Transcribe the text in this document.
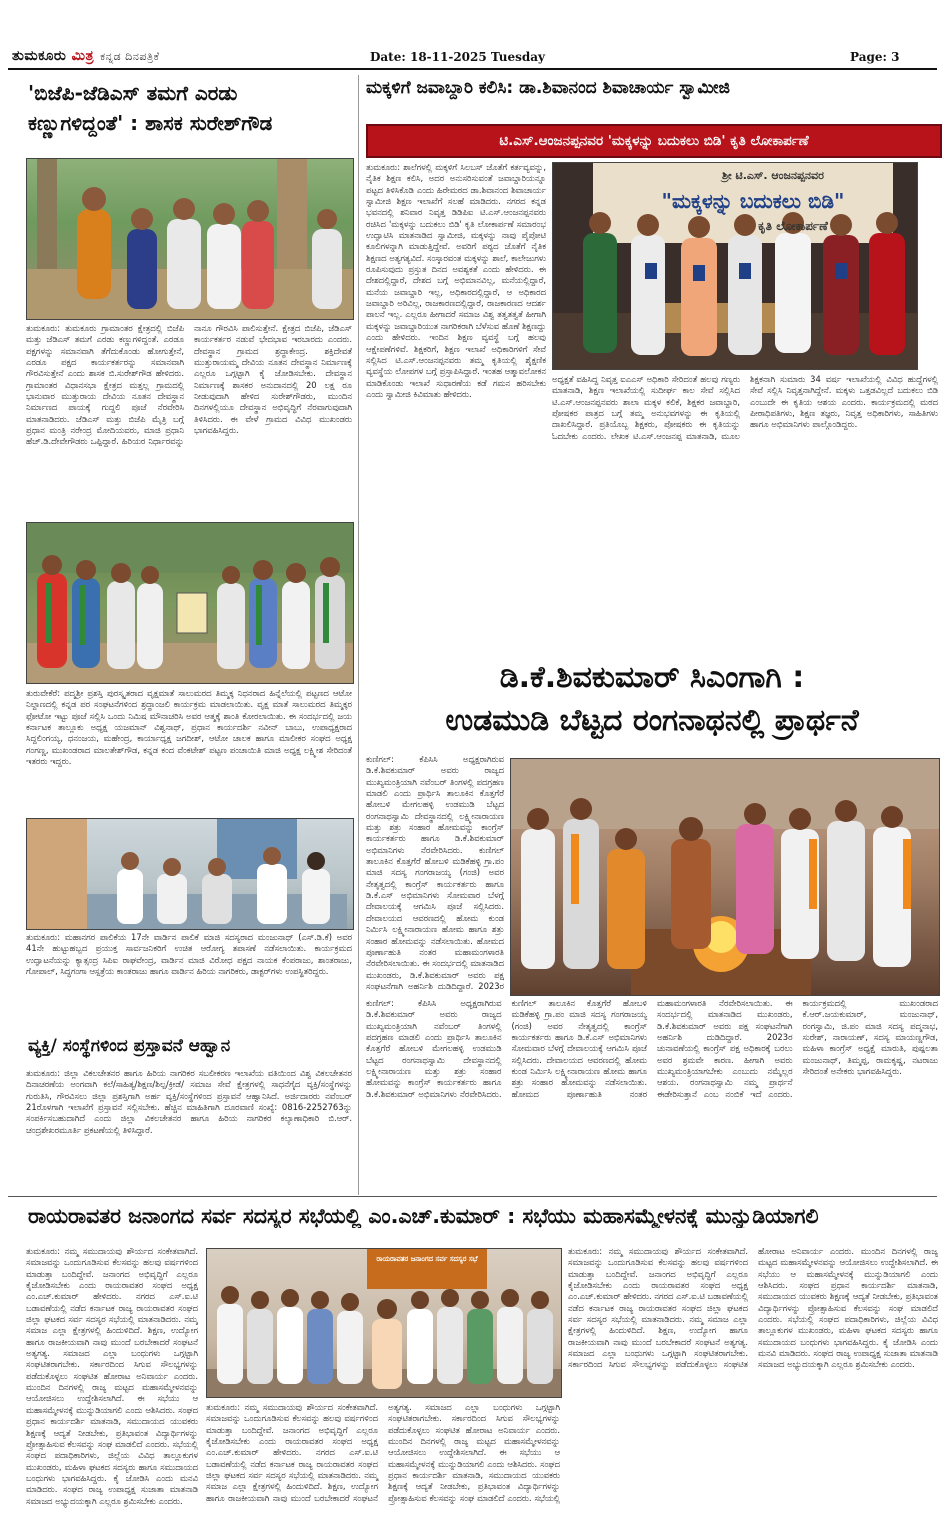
ತುಮಕೂರು ಮಿತ್ರ ಕನ್ನಡ ದಿನಪತ್ರಿಕೆ	Date: 18-11-2025 Tuesday	Page: 3
'ಬಿಜೆಪಿ-ಜೆಡಿಎಸ್ ತಮಗೆ ಎರಡು
ಕಣ್ಣುಗಳಿದ್ದಂತೆ' : ಶಾಸಕ ಸುರೇಶ್‌ಗೌಡ
ತುಮಕೂರು: ತುಮಕೂರು ಗ್ರಾಮಾಂತರ ಕ್ಷೇತ್ರದಲ್ಲಿ ಬಿಜೆಪಿ ಮತ್ತು ಜೆಡಿಎಸ್ ತಮಗೆ ಎರಡು ಕಣ್ಣುಗಳಿದ್ದಂತೆ. ಎರಡೂ ಪಕ್ಷಗಳನ್ನು ಸಮಾನವಾಗಿ ತೆಗೆದುಕೊಂಡು ಹೋಗುತ್ತೇನೆ, ಎರಡೂ ಪಕ್ಷದ ಕಾರ್ಯಕರ್ತರನ್ನು ಸಮಾನವಾಗಿ ಗೌರವಿಸುತ್ತೇನೆ ಎಂದು ಶಾಸಕ ಬಿ.ಸುರೇಶ್‌ಗೌಡ ಹೇಳಿದರು. ಗ್ರಾಮಾಂತರ ವಿಧಾನಸಭಾ ಕ್ಷೇತ್ರದ ಮತ್ತಲ್ಲ ಗ್ರಾಮದಲ್ಲಿ ಭಾನುವಾರ ಮುತ್ತುರಾಯ ದೇವಿಯ ನೂತನ ದೇವಸ್ಥಾನ ನಿರ್ಮಾಣದ ಪಾಯಕ್ಕೆ ಗುದ್ದಲಿ ಪೂಜೆ ನೆರವೇರಿಸಿ ಮಾತನಾಡಿದರು. ಜೆಡಿಎಸ್ ಮತ್ತು ಬಿಜೆಪಿ ಮೈತ್ರಿ ಬಗ್ಗೆ ಪ್ರಧಾನ ಮಂತ್ರಿ ನರೇಂದ್ರ ಮೋದಿಯವರು, ಮಾಜಿ ಪ್ರಧಾನಿ ಹೆಚ್.ಡಿ.ದೇವೇಗೌಡರು ಒಪ್ಪಿದ್ದಾರೆ. ಹಿರಿಯರ ನಿರ್ಧಾರವನ್ನು ನಾನೂ ಗೌರವಿಸಿ ಪಾಲಿಸುತ್ತೇನೆ. ಕ್ಷೇತ್ರದ ಬಿಜೆಪಿ, ಜೆಡಿಎಸ್ ಕಾರ್ಯಕರ್ತರ ನಡುವೆ ಭೇದಭಾವ ಇರಬಾರದು ಎಂದರು. ದೇವಸ್ಥಾನ ಗ್ರಾಮದ ಶ್ರದ್ಧಾಕೇಂದ್ರ. ಶಕ್ತಿದೇವತೆ ಮುತ್ತುರಾಯಮ್ಮ ದೇವಿಯ ನೂತನ ದೇವಸ್ಥಾನ ನಿರ್ಮಾಣಕ್ಕೆ ಎಲ್ಲರೂ ಒಗ್ಗಟ್ಟಾಗಿ ಕೈ ಜೋಡಿಸಬೇಕು. ದೇವಸ್ಥಾನ ನಿರ್ಮಾಣಕ್ಕೆ ಶಾಸಕರ ಅನುದಾನದಲ್ಲಿ 20 ಲಕ್ಷ ರೂ ನೀಡುವುದಾಗಿ ಹೇಳಿದ ಸುರೇಶ್‌ಗೌಡರು, ಮುಂದಿನ ದಿನಗಳಲ್ಲಿಯೂ ದೇವಸ್ಥಾನ ಅಭಿವೃದ್ಧಿಗೆ ನೆರವಾಗುವುದಾಗಿ ತಿಳಿಸಿದರು. ಈ ವೇಳೆ ಗ್ರಾಮದ ವಿವಿಧ ಮುಖಂಡರು ಭಾಗವಹಿಸಿದ್ದರು.
ತುರುವೇಕೆರೆ: ಪದ್ಮಶ್ರೀ ಪ್ರಶಸ್ತಿ ಪುರಸ್ಕೃತರಾದ ವೃಕ್ಷಮಾತೆ ಸಾಲುಮರದ ತಿಮ್ಮಕ್ಕ ನಿಧನರಾದ ಹಿನ್ನೆಲೆಯಲ್ಲಿ ಪಟ್ಟಣದ ಆಟೋ ನಿಲ್ದಾಣದಲ್ಲಿ ಕನ್ನಡ ಪರ ಸಂಘಟನೆಗಳಿಂದ ಶ್ರದ್ಧಾಂಜಲಿ ಕಾರ್ಯಕ್ರಮ ಮಾಡಲಾಯಿತು. ವೃಕ್ಷ ಮಾತೆ ಸಾಲುಮರದ ತಿಮ್ಮಕ್ಕರ ಫೋಟೋ ಇಟ್ಟು ಪೂಜೆ ಸಲ್ಲಿಸಿ ಒಂದು ನಿಮಿಷ ಮೌನಾಚರಿಸಿ ಅವರ ಆತ್ಮಕ್ಕೆ ಶಾಂತಿ ಕೋರಲಾಯಿತು. ಈ ಸಂದರ್ಭದಲ್ಲಿ ಜಯ ಕರ್ನಾಟಕ ತಾಲ್ಲೂಕು ಅಧ್ಯಕ್ಷ ಯಜಮಾನ್ ವಿಶ್ವನಾಥ್, ಪ್ರಧಾನ ಕಾರ್ಯದರ್ಶಿ ನವೀನ್ ಬಾಬು, ಉಪಾಧ್ಯಕ್ಷರಾದ ಸಿದ್ದಲಿಂಗಯ್ಯ, ಧನಂಜಯ, ಮಹೇಂದ್ರ, ಕಾರ್ಯಾಧ್ಯಕ್ಷ ಜಗದೀಶ್, ಆಟೋ ಚಾಲಕ ಹಾಗೂ ಮಾಲೀಕರ ಸಂಘದ ಅಧ್ಯಕ್ಷ ಗಂಗಣ್ಣ, ಮುಖಂಡರಾದ ಮಾಲತೇಶ್‌ಗೌಡ, ಕನ್ನಡ ಕಂದ ವೆಂಕಟೇಶ್ ಪಟ್ಟಣ ಪಂಚಾಯಿತಿ ಮಾಜಿ ಅಧ್ಯಕ್ಷ ಲಕ್ಷ್ಮೀಶ ಸೇರಿದಂತೆ ಇತರರು ಇದ್ದರು.
ತುಮಕೂರು: ಮಹಾನಗರ ಪಾಲಿಕೆಯ 17ನೇ ವಾರ್ಡಿನ ಪಾಲಿಕೆ ಮಾಜಿ ಸದಸ್ಯರಾದ ಮಂಜುನಾಥ್ (ಎಸ್.ಡಿ.ಕೆ) ಅವರ 41ನೇ ಹುಟ್ಟುಹಬ್ಬದ ಪ್ರಯುಕ್ತ ಸಾರ್ವಜನಿಕರಿಗೆ ಉಚಿತ ಆರೋಗ್ಯ ತಪಾಸಣೆ ನಡೆಸಲಾಯಿತು. ಕಾರ್ಯಕ್ರಮದ ಉದ್ಘಾಟನೆಯನ್ನು ಕ್ಯಾತ್ಸಂದ್ರ ಸಿಪಿಐ ರಾಘವೇಂದ್ರ, ವಾರ್ಡಿನ ಮಾಜಿ ವಿರೋಧ ಪಕ್ಷದ ನಾಯಕ ಕೆಂಪರಾಜು, ಶಾಂತರಾಜು, ಗೋಪಾಲ್, ಸಿದ್ಧಗಂಗಾ ಆಸ್ಪತ್ರೆಯ ಕಾಂತರಾಜು ಹಾಗೂ ವಾರ್ಡಿನ ಹಿರಿಯ ನಾಗರಿಕರು, ಡಾಕ್ಟರ್‌ಗಳು ಉಪಸ್ಥಿತರಿದ್ದರು.
ವ್ಯಕ್ತಿ/ ಸಂಸ್ಥೆಗಳಿಂದ ಪ್ರಸ್ತಾವನೆ ಆಹ್ವಾನ
ತುಮಕೂರು: ಜಿಲ್ಲಾ ವಿಕಲಚೇತನರ ಹಾಗೂ ಹಿರಿಯ ನಾಗರಿಕರ ಸಬಲೀಕರಣ ಇಲಾಖೆಯ ವತಿಯಿಂದ ವಿಶ್ವ ವಿಕಲಚೇತನರ ದಿನಾಚರಣೆಯ ಅಂಗವಾಗಿ ಕಲೆ/ಸಾಹಿತ್ಯ/ಶಿಕ್ಷಣ/ಶಿಲ್ಪ/ಕ್ರೀಡೆ/ ಸಮಾಜ ಸೇವೆ ಕ್ಷೇತ್ರಗಳಲ್ಲಿ ಸಾಧನೆಗೈದ ವ್ಯಕ್ತಿ/ಸಂಸ್ಥೆಗಳನ್ನು ಗುರುತಿಸಿ, ಗೌರವಿಸಲು ಜಿಲ್ಲಾ ಪ್ರಶಸ್ತಿಗಾಗಿ ಅರ್ಹ ವ್ಯಕ್ತಿ/ಸಂಸ್ಥೆಗಳಿಂದ ಪ್ರಸ್ತಾವನೆ ಆಹ್ವಾನಿಸಿದೆ. ಅರ್ಜಿದಾರರು ನವೆಂಬರ್ 21ರೊಳಗಾಗಿ ಇಲಾಖೆಗೆ ಪ್ರಸ್ತಾವನೆ ಸಲ್ಲಿಸಬೇಕು. ಹೆಚ್ಚಿನ ಮಾಹಿತಿಗಾಗಿ ದೂರವಾಣಿ ಸಂಖ್ಯೆ: 0816-2252763ನ್ನು ಸಂಪರ್ಕಿಸಬಹುದಾಗಿದೆ ಎಂದು ಜಿಲ್ಲಾ ವಿಕಲಚೇತನರ ಹಾಗೂ ಹಿರಿಯ ನಾಗರಿಕರ ಕಲ್ಯಾಣಾಧಿಕಾರಿ ಬಿ.ಆರ್. ಚಂದ್ರಶೇಖರಮೂರ್ತಿ ಪ್ರಕಟಣೆಯಲ್ಲಿ ತಿಳಿಸಿದ್ದಾರೆ.
ಮಕ್ಕಳಿಗೆ ಜವಾಬ್ದಾರಿ ಕಲಿಸಿ: ಡಾ.ಶಿವಾನಂದ ಶಿವಾಚಾರ್ಯ ಸ್ವಾಮೀಜಿ
ಟಿ.ಎಸ್.ಆಂಜನಪ್ಪನವರ 'ಮಕ್ಕಳನ್ನು ಬದುಕಲು ಬಿಡಿ' ಕೃತಿ ಲೋಕಾರ್ಪಣೆ
ತುಮಕೂರು: ಶಾಲೆಗಳಲ್ಲಿ ಮಕ್ಕಳಿಗೆ ಸಿಲಬಸ್ ಜೊತೆಗೆ ಕರ್ತವ್ಯವನ್ನು, ನೈತಿಕ ಶಿಕ್ಷಣ ಕಲಿಸಿ, ಅದರ ಅನುಸರಿಸುವಂತೆ ಜವಾಬ್ದಾರಿಯನ್ನೂ ಪಟ್ಟದ ತಿಳಿಸಿಕೊಡಿ ಎಂದು ಹಿರೇಮಠದ ಡಾ.ಶಿವಾನಂದ ಶಿವಾಚಾರ್ಯ ಸ್ವಾಮೀಜಿ ಶಿಕ್ಷಣ ಇಲಾಖೆಗೆ ಸಲಹೆ ಮಾಡಿದರು. ನಗರದ ಕನ್ನಡ ಭವನದಲ್ಲಿ ಶನಿವಾರ ನಿವೃತ್ತ ಡಿಡಿಪಿಐ ಟಿ.ಎಸ್.ಆಂಜನಪ್ಪನವರು ರಚಿಸಿದ 'ಮಕ್ಕಳನ್ನು ಬದುಕಲು ಬಿಡಿ' ಕೃತಿ ಲೋಕಾರ್ಪಣೆ ಸಮಾರಂಭ ಉದ್ಘಾಟಿಸಿ ಮಾತನಾಡಿದ ಸ್ವಾಮೀಜಿ, ಮಕ್ಕಳನ್ನು ನಾವು ಪೈಪೋಟಿ ಕೂಲಿಗಳನ್ನಾಗಿ ಮಾಡುತ್ತಿದ್ದೇವೆ. ಅವರಿಗೆ ಪಠ್ಯದ ಜೊತೆಗೆ ನೈತಿಕ ಶಿಕ್ಷಣದ ಅತ್ಯಗತ್ಯವಿದೆ. ಸಂಸ್ಕಾರವಂತ ಮಕ್ಕಳನ್ನು ಶಾಲೆ, ಕಾಲೇಜುಗಳು ರೂಪಿಸುವುದು ಪ್ರಸ್ತುತ ದಿನದ ಅವಶ್ಯಕತೆ ಎಂದು ಹೇಳಿದರು. ಈ ದೇಶದಲ್ಲಿದ್ದಾರೆ, ದೇಶದ ಬಗ್ಗೆ ಅಭಿಮಾನವಿಲ್ಲ, ಮನೆಯಲ್ಲಿದ್ದಾರೆ, ಮನೆಯ ಜವಾಬ್ದಾರಿ ಇಲ್ಲ, ಅಧಿಕಾರದಲ್ಲಿದ್ದಾರೆ, ಆ ಅಧಿಕಾರದ ಜವಾಬ್ದಾರಿ ಅರಿವಿಲ್ಲ, ರಾಜಕಾರಣದಲ್ಲಿದ್ದಾರೆ, ರಾಜಕಾರಣದ ಆದರ್ಶ ಪಾಲನೆ ಇಲ್ಲ. ಎಲ್ಲರೂ ಹೀಗಾದರೆ ಸಮಾಜ ವಿಶ್ವ ತತ್ವತತ್ವತೆ ಹೀಗಾಗಿ ಮಕ್ಕಳನ್ನು ಜವಾಬ್ದಾರಿಯುತ ನಾಗರಿಕರಾಗಿ ಬೆಳೆಸುವ ಹೊಣೆ ಶಿಕ್ಷಣದ್ದು ಎಂದು ಹೇಳಿದರು. ಇಂದಿನ ಶಿಕ್ಷಣ ವ್ಯವಸ್ಥೆ ಬಗ್ಗೆ ಹಲವು ಆಕ್ಷೇಪಣೆಗಳಿವೆ. ಶಿಕ್ಷಕರಿಗೆ, ಶಿಕ್ಷಣ ಇಲಾಖೆ ಅಧಿಕಾರಿಗಳಿಗೆ ಸೇವೆ ಸಲ್ಲಿಸಿದ ಟಿ.ಎಸ್.ಆಂಜನಪ್ಪನವರು ತಮ್ಮ ಕೃತಿಯಲ್ಲಿ ಶೈಕ್ಷಣಿಕ ವ್ಯವಸ್ಥೆಯ ಲೋಪಗಳ ಬಗ್ಗೆ ಪ್ರಸ್ತಾಪಿಸಿದ್ದಾರೆ. ಇಂತಹ ಆತ್ಮಾವಲೋಕನ ಮಾಡಿಕೊಂಡು ಇಲಾಖೆ ಸುಧಾರಣೆಯ ಕಡೆ ಗಮನ ಹರಿಸಬೇಕು ಎಂದು ಸ್ವಾಮೀಜಿ ಕಿವಿಮಾತು ಹೇಳಿದರು.
ಶ್ರೀ ಟಿ.ಎಸ್. ಆಂಜನಪ್ಪನವರ
"ಮಕ್ಕಳನ್ನು ಬದುಕಲು ಬಿಡಿ"
ಕೃತಿ ಲೋಕಾರ್ಪಣೆ
ಅಧ್ಯಕ್ಷತೆ ವಹಿಸಿದ್ದ ನಿವೃತ್ತ ಐಎಎಸ್ ಅಧಿಕಾರಿ ಸೇರಿದಂತೆ ಹಲವು ಗಣ್ಯರು ಮಾತನಾಡಿ, ಶಿಕ್ಷಣ ಇಲಾಖೆಯಲ್ಲಿ ಸುದೀರ್ಘ ಕಾಲ ಸೇವೆ ಸಲ್ಲಿಸಿದ ಟಿ.ಎಸ್.ಆಂಜನಪ್ಪನವರು ಶಾಲಾ ಮಕ್ಕಳ ಕಲಿಕೆ, ಶಿಕ್ಷಕರ ಜವಾಬ್ದಾರಿ, ಪೋಷಕರ ಪಾತ್ರದ ಬಗ್ಗೆ ತಮ್ಮ ಅನುಭವಗಳನ್ನು ಈ ಕೃತಿಯಲ್ಲಿ ದಾಖಲಿಸಿದ್ದಾರೆ. ಪ್ರತಿಯೊಬ್ಬ ಶಿಕ್ಷಕರು, ಪೋಷಕರು ಈ ಕೃತಿಯನ್ನು ಓದಬೇಕು ಎಂದರು. ಲೇಖಕ ಟಿ.ಎಸ್.ಆಂಜನಪ್ಪ ಮಾತನಾಡಿ, ಮೂಲ ಶಿಕ್ಷಕನಾಗಿ ಸುಮಾರು 34 ವರ್ಷ ಇಲಾಖೆಯಲ್ಲಿ ವಿವಿಧ ಹುದ್ದೆಗಳಲ್ಲಿ ಸೇವೆ ಸಲ್ಲಿಸಿ ನಿವೃತ್ತನಾಗಿದ್ದೇನೆ. ಮಕ್ಕಳು ಒತ್ತಡವಿಲ್ಲದೆ ಬದುಕಲು ಬಿಡಿ ಎಂಬುದೇ ಈ ಕೃತಿಯ ಆಶಯ ಎಂದರು. ಕಾರ್ಯಕ್ರಮದಲ್ಲಿ ಮಠದ ಪೀಠಾಧಿಪತಿಗಳು, ಶಿಕ್ಷಣ ತಜ್ಞರು, ನಿವೃತ್ತ ಅಧಿಕಾರಿಗಳು, ಸಾಹಿತಿಗಳು ಹಾಗೂ ಅಭಿಮಾನಿಗಳು ಪಾಲ್ಗೊಂಡಿದ್ದರು.
ಡಿ.ಕೆ.ಶಿವಕುಮಾರ್ ಸಿಎಂಗಾಗಿ :
ಉಡಮುಡಿ ಬೆಟ್ಟದ ರಂಗನಾಥನಲ್ಲಿ ಪ್ರಾರ್ಥನೆ
ಕುಣಿಗಲ್: ಕೆಪಿಸಿಸಿ ಅಧ್ಯಕ್ಷರಾಗಿರುವ ಡಿ.ಕೆ.ಶಿವಕುಮಾರ್ ಅವರು ರಾಜ್ಯದ ಮುಖ್ಯಮಂತ್ರಿಯಾಗಿ ನವೆಂಬರ್ ತಿಂಗಳಲ್ಲಿ ಪದಗ್ರಹಣ ಮಾಡಲಿ ಎಂದು ಪ್ರಾರ್ಥಿಸಿ ತಾಲೂಕಿನ ಕೊತ್ತಗೆರೆ ಹೋಬಳಿ ಮೇಗಲಹಳ್ಳಿ ಉಡಮುಡಿ ಬೆಟ್ಟದ ರಂಗನಾಥಸ್ವಾಮಿ ದೇವಸ್ಥಾನದಲ್ಲಿ ಲಕ್ಷ್ಮೀನಾರಾಯಣ ಮತ್ತು ಶತ್ರು ಸಂಹಾರ ಹೋಮವನ್ನು ಕಾಂಗ್ರೆಸ್ ಕಾರ್ಯಕರ್ತರು ಹಾಗೂ ಡಿ.ಕೆ.ಶಿವಕುಮಾರ್ ಅಭಿಮಾನಿಗಳು ನೆರವೇರಿಸಿದರು. ಕುಣಿಗಲ್ ತಾಲೂಕಿನ ಕೊತ್ತಗೆರೆ ಹೋಬಳಿ ಮಡಿಕೆಹಳ್ಳಿ ಗ್ರಾ.ಪಂ ಮಾಜಿ ಸದಸ್ಯ ಗಂಗರಾಜಯ್ಯ (ಗಂಜಿ) ಅವರ ನೇತೃತ್ವದಲ್ಲಿ ಕಾಂಗ್ರೆಸ್ ಕಾರ್ಯಕರ್ತರು ಹಾಗೂ ಡಿ.ಕೆ.ಎಸ್ ಅಭಿಮಾನಿಗಳು ಸೋಮವಾರ ಬೆಳಗ್ಗೆ ದೇವಾಲಯಕ್ಕೆ ಆಗಮಿಸಿ ಪೂಜೆ ಸಲ್ಲಿಸಿದರು. ದೇವಾಲಯದ ಆವರಣದಲ್ಲಿ ಹೋಮ ಕುಂಡ ನಿರ್ಮಿಸಿ ಲಕ್ಷ್ಮೀನಾರಾಯಣ ಹೋಮ ಹಾಗೂ ಶತ್ರು ಸಂಹಾರ ಹೋಮವನ್ನು ನಡೆಸಲಾಯಿತು. ಹೋಮದ ಪೂರ್ಣಾಹುತಿ ನಂತರ ಮಹಾಮಂಗಳಾರತಿ ನೆರವೇರಿಸಲಾಯಿತು. ಈ ಸಂದರ್ಭದಲ್ಲಿ ಮಾತನಾಡಿದ ಮುಖಂಡರು, ಡಿ.ಕೆ.ಶಿವಕುಮಾರ್ ಅವರು ಪಕ್ಷ ಸಂಘಟನೆಗಾಗಿ ಅಹರ್ನಿಶಿ ದುಡಿದಿದ್ದಾರೆ. 2023ರ
ಕುಣಿಗಲ್: ಕೆಪಿಸಿಸಿ ಅಧ್ಯಕ್ಷರಾಗಿರುವ ಡಿ.ಕೆ.ಶಿವಕುಮಾರ್ ಅವರು ರಾಜ್ಯದ ಮುಖ್ಯಮಂತ್ರಿಯಾಗಿ ನವೆಂಬರ್ ತಿಂಗಳಲ್ಲಿ ಪದಗ್ರಹಣ ಮಾಡಲಿ ಎಂದು ಪ್ರಾರ್ಥಿಸಿ ತಾಲೂಕಿನ ಕೊತ್ತಗೆರೆ ಹೋಬಳಿ ಮೇಗಲಹಳ್ಳಿ ಉಡಮುಡಿ ಬೆಟ್ಟದ ರಂಗನಾಥಸ್ವಾಮಿ ದೇವಸ್ಥಾನದಲ್ಲಿ ಲಕ್ಷ್ಮೀನಾರಾಯಣ ಮತ್ತು ಶತ್ರು ಸಂಹಾರ ಹೋಮವನ್ನು ಕಾಂಗ್ರೆಸ್ ಕಾರ್ಯಕರ್ತರು ಹಾಗೂ ಡಿ.ಕೆ.ಶಿವಕುಮಾರ್ ಅಭಿಮಾನಿಗಳು ನೆರವೇರಿಸಿದರು. ಕುಣಿಗಲ್ ತಾಲೂಕಿನ ಕೊತ್ತಗೆರೆ ಹೋಬಳಿ ಮಡಿಕೆಹಳ್ಳಿ ಗ್ರಾ.ಪಂ ಮಾಜಿ ಸದಸ್ಯ ಗಂಗರಾಜಯ್ಯ (ಗಂಜಿ) ಅವರ ನೇತೃತ್ವದಲ್ಲಿ ಕಾಂಗ್ರೆಸ್ ಕಾರ್ಯಕರ್ತರು ಹಾಗೂ ಡಿ.ಕೆ.ಎಸ್ ಅಭಿಮಾನಿಗಳು ಸೋಮವಾರ ಬೆಳಗ್ಗೆ ದೇವಾಲಯಕ್ಕೆ ಆಗಮಿಸಿ ಪೂಜೆ ಸಲ್ಲಿಸಿದರು. ದೇವಾಲಯದ ಆವರಣದಲ್ಲಿ ಹೋಮ ಕುಂಡ ನಿರ್ಮಿಸಿ ಲಕ್ಷ್ಮೀನಾರಾಯಣ ಹೋಮ ಹಾಗೂ ಶತ್ರು ಸಂಹಾರ ಹೋಮವನ್ನು ನಡೆಸಲಾಯಿತು. ಹೋಮದ ಪೂರ್ಣಾಹುತಿ ನಂತರ ಮಹಾಮಂಗಳಾರತಿ ನೆರವೇರಿಸಲಾಯಿತು. ಈ ಸಂದರ್ಭದಲ್ಲಿ ಮಾತನಾಡಿದ ಮುಖಂಡರು, ಡಿ.ಕೆ.ಶಿವಕುಮಾರ್ ಅವರು ಪಕ್ಷ ಸಂಘಟನೆಗಾಗಿ ಅಹರ್ನಿಶಿ ದುಡಿದಿದ್ದಾರೆ. 2023ರ ಚುನಾವಣೆಯಲ್ಲಿ ಕಾಂಗ್ರೆಸ್ ಪಕ್ಷ ಅಧಿಕಾರಕ್ಕೆ ಬರಲು ಅವರ ಶ್ರಮವೇ ಕಾರಣ. ಹೀಗಾಗಿ ಅವರು ಮುಖ್ಯಮಂತ್ರಿಯಾಗಬೇಕು ಎಂಬುದು ನಮ್ಮೆಲ್ಲರ ಆಶಯ. ರಂಗನಾಥಸ್ವಾಮಿ ನಮ್ಮ ಪ್ರಾರ್ಥನೆ ಈಡೇರಿಸುತ್ತಾನೆ ಎಂಬ ನಂಬಿಕೆ ಇದೆ ಎಂದರು. ಕಾರ್ಯಕ್ರಮದಲ್ಲಿ ಮುಖಂಡರಾದ ಕೆ.ಆರ್.ಜಯಕುಮಾರ್, ಮಂಜುನಾಥ್, ರಂಗಸ್ವಾಮಿ, ಜಿ.ಪಂ ಮಾಜಿ ಸದಸ್ಯ ಪದ್ಮನಾಭ, ಸುರೇಶ್, ನಾರಾಯಣ್, ಸದಸ್ಯ ಮಾಯಣ್ಣಗೌಡ, ಮಹಿಳಾ ಕಾಂಗ್ರೆಸ್ ಅಧ್ಯಕ್ಷೆ ಮಾರುತಿ, ಪುಷ್ಪಲತಾ ಮಂಜುನಾಥ್, ತಿಮ್ಮಪ್ಪ, ರಾಮಕೃಷ್ಣ, ನಟರಾಜು ಸೇರಿದಂತೆ ಅನೇಕರು ಭಾಗವಹಿಸಿದ್ದರು.
ರಾಯರಾವತರ ಜನಾಂಗದ ಸರ್ವ ಸದಸ್ಯರ ಸಭೆಯಲ್ಲಿ ಎಂ.ಎಚ್.ಕುಮಾರ್ : ಸಭೆಯು ಮಹಾಸಮ್ಮೇಳನಕ್ಕೆ ಮುನ್ನುಡಿಯಾಗಲಿ
ತುಮಕೂರು: ನಮ್ಮ ಸಮುದಾಯವು ಶೌರ್ಯದ ಸಂಕೇತವಾಗಿದೆ. ಸಮಾಜವನ್ನು ಒಂದುಗೂಡಿಸುವ ಕೆಲಸವನ್ನು ಹಲವು ವರ್ಷಗಳಿಂದ ಮಾಡುತ್ತಾ ಬಂದಿದ್ದೇವೆ. ಜನಾಂಗದ ಅಭಿವೃದ್ಧಿಗೆ ಎಲ್ಲರೂ ಕೈಜೋಡಿಸಬೇಕು ಎಂದು ರಾಯರಾವತರ ಸಂಘದ ಅಧ್ಯಕ್ಷ ಎಂ.ಎಚ್.ಕುಮಾರ್ ಹೇಳಿದರು. ನಗರದ ಎಸ್.ಐ.ಟಿ ಬಡಾವಣೆಯಲ್ಲಿ ನಡೆದ ಕರ್ನಾಟಕ ರಾಜ್ಯ ರಾಯರಾವತರ ಸಂಘದ ಜಿಲ್ಲಾ ಘಟಕದ ಸರ್ವ ಸದಸ್ಯರ ಸಭೆಯಲ್ಲಿ ಮಾತನಾಡಿದರು. ನಮ್ಮ ಸಮಾಜ ಎಲ್ಲಾ ಕ್ಷೇತ್ರಗಳಲ್ಲಿ ಹಿಂದುಳಿದಿದೆ. ಶಿಕ್ಷಣ, ಉದ್ಯೋಗ ಹಾಗೂ ರಾಜಕೀಯವಾಗಿ ನಾವು ಮುಂದೆ ಬರಬೇಕಾದರೆ ಸಂಘಟನೆ ಅತ್ಯಗತ್ಯ. ಸಮಾಜದ ಎಲ್ಲಾ ಬಂಧುಗಳು ಒಗ್ಗಟ್ಟಾಗಿ ಸಂಘಟಿತರಾಗಬೇಕು. ಸರ್ಕಾರದಿಂದ ಸಿಗುವ ಸೌಲಭ್ಯಗಳನ್ನು ಪಡೆದುಕೊಳ್ಳಲು ಸಂಘಟಿತ ಹೋರಾಟ ಅನಿವಾರ್ಯ ಎಂದರು. ಮುಂದಿನ ದಿನಗಳಲ್ಲಿ ರಾಜ್ಯ ಮಟ್ಟದ ಮಹಾಸಮ್ಮೇಳನವನ್ನು ಆಯೋಜಿಸಲು ಉದ್ದೇಶಿಸಲಾಗಿದೆ. ಈ ಸಭೆಯು ಆ ಮಹಾಸಮ್ಮೇಳನಕ್ಕೆ ಮುನ್ನುಡಿಯಾಗಲಿ ಎಂದು ಆಶಿಸಿದರು. ಸಂಘದ ಪ್ರಧಾನ ಕಾರ್ಯದರ್ಶಿ ಮಾತನಾಡಿ, ಸಮುದಾಯದ ಯುವಕರು ಶಿಕ್ಷಣಕ್ಕೆ ಆದ್ಯತೆ ನೀಡಬೇಕು, ಪ್ರತಿಭಾವಂತ ವಿದ್ಯಾರ್ಥಿಗಳನ್ನು ಪ್ರೋತ್ಸಾಹಿಸುವ ಕೆಲಸವನ್ನು ಸಂಘ ಮಾಡಲಿದೆ ಎಂದರು. ಸಭೆಯಲ್ಲಿ ಸಂಘದ ಪದಾಧಿಕಾರಿಗಳು, ಜಿಲ್ಲೆಯ ವಿವಿಧ ತಾಲ್ಲೂಕುಗಳ ಮುಖಂಡರು, ಮಹಿಳಾ ಘಟಕದ ಸದಸ್ಯರು ಹಾಗೂ ಸಮುದಾಯದ ಬಂಧುಗಳು ಭಾಗವಹಿಸಿದ್ದರು. ಕೈ ಜೋಡಿಸಿ ಎಂದು ಮನವಿ ಮಾಡಿದರು. ಸಂಘದ ರಾಜ್ಯ ಉಪಾಧ್ಯಕ್ಷ ಸುಜಾತಾ ಮಾತನಾಡಿ ಸಮಾಜದ ಅಭ್ಯುದಯಕ್ಕಾಗಿ ಎಲ್ಲರೂ ಶ್ರಮಿಸಬೇಕು ಎಂದರು.
ರಾಯರಾವತರ ಜನಾಂಗದ ಸರ್ವ ಸದಸ್ಯರ ಸಭೆ
ತುಮಕೂರು: ನಮ್ಮ ಸಮುದಾಯವು ಶೌರ್ಯದ ಸಂಕೇತವಾಗಿದೆ. ಸಮಾಜವನ್ನು ಒಂದುಗೂಡಿಸುವ ಕೆಲಸವನ್ನು ಹಲವು ವರ್ಷಗಳಿಂದ ಮಾಡುತ್ತಾ ಬಂದಿದ್ದೇವೆ. ಜನಾಂಗದ ಅಭಿವೃದ್ಧಿಗೆ ಎಲ್ಲರೂ ಕೈಜೋಡಿಸಬೇಕು ಎಂದು ರಾಯರಾವತರ ಸಂಘದ ಅಧ್ಯಕ್ಷ ಎಂ.ಎಚ್.ಕುಮಾರ್ ಹೇಳಿದರು. ನಗರದ ಎಸ್.ಐ.ಟಿ ಬಡಾವಣೆಯಲ್ಲಿ ನಡೆದ ಕರ್ನಾಟಕ ರಾಜ್ಯ ರಾಯರಾವತರ ಸಂಘದ ಜಿಲ್ಲಾ ಘಟಕದ ಸರ್ವ ಸದಸ್ಯರ ಸಭೆಯಲ್ಲಿ ಮಾತನಾಡಿದರು. ನಮ್ಮ ಸಮಾಜ ಎಲ್ಲಾ ಕ್ಷೇತ್ರಗಳಲ್ಲಿ ಹಿಂದುಳಿದಿದೆ. ಶಿಕ್ಷಣ, ಉದ್ಯೋಗ ಹಾಗೂ ರಾಜಕೀಯವಾಗಿ ನಾವು ಮುಂದೆ ಬರಬೇಕಾದರೆ ಸಂಘಟನೆ ಅತ್ಯಗತ್ಯ. ಸಮಾಜದ ಎಲ್ಲಾ ಬಂಧುಗಳು ಒಗ್ಗಟ್ಟಾಗಿ ಸಂಘಟಿತರಾಗಬೇಕು. ಸರ್ಕಾರದಿಂದ ಸಿಗುವ ಸೌಲಭ್ಯಗಳನ್ನು ಪಡೆದುಕೊಳ್ಳಲು ಸಂಘಟಿತ ಹೋರಾಟ ಅನಿವಾರ್ಯ ಎಂದರು. ಮುಂದಿನ ದಿನಗಳಲ್ಲಿ ರಾಜ್ಯ ಮಟ್ಟದ ಮಹಾಸಮ್ಮೇಳನವನ್ನು ಆಯೋಜಿಸಲು ಉದ್ದೇಶಿಸಲಾಗಿದೆ. ಈ ಸಭೆಯು ಆ ಮಹಾಸಮ್ಮೇಳನಕ್ಕೆ ಮುನ್ನುಡಿಯಾಗಲಿ ಎಂದು ಆಶಿಸಿದರು. ಸಂಘದ ಪ್ರಧಾನ ಕಾರ್ಯದರ್ಶಿ ಮಾತನಾಡಿ, ಸಮುದಾಯದ ಯುವಕರು ಶಿಕ್ಷಣಕ್ಕೆ ಆದ್ಯತೆ ನೀಡಬೇಕು, ಪ್ರತಿಭಾವಂತ ವಿದ್ಯಾರ್ಥಿಗಳನ್ನು ಪ್ರೋತ್ಸಾಹಿಸುವ ಕೆಲಸವನ್ನು ಸಂಘ ಮಾಡಲಿದೆ ಎಂದರು. ಸಭೆಯಲ್ಲಿ
ತುಮಕೂರು: ನಮ್ಮ ಸಮುದಾಯವು ಶೌರ್ಯದ ಸಂಕೇತವಾಗಿದೆ. ಸಮಾಜವನ್ನು ಒಂದುಗೂಡಿಸುವ ಕೆಲಸವನ್ನು ಹಲವು ವರ್ಷಗಳಿಂದ ಮಾಡುತ್ತಾ ಬಂದಿದ್ದೇವೆ. ಜನಾಂಗದ ಅಭಿವೃದ್ಧಿಗೆ ಎಲ್ಲರೂ ಕೈಜೋಡಿಸಬೇಕು ಎಂದು ರಾಯರಾವತರ ಸಂಘದ ಅಧ್ಯಕ್ಷ ಎಂ.ಎಚ್.ಕುಮಾರ್ ಹೇಳಿದರು. ನಗರದ ಎಸ್.ಐ.ಟಿ ಬಡಾವಣೆಯಲ್ಲಿ ನಡೆದ ಕರ್ನಾಟಕ ರಾಜ್ಯ ರಾಯರಾವತರ ಸಂಘದ ಜಿಲ್ಲಾ ಘಟಕದ ಸರ್ವ ಸದಸ್ಯರ ಸಭೆಯಲ್ಲಿ ಮಾತನಾಡಿದರು. ನಮ್ಮ ಸಮಾಜ ಎಲ್ಲಾ ಕ್ಷೇತ್ರಗಳಲ್ಲಿ ಹಿಂದುಳಿದಿದೆ. ಶಿಕ್ಷಣ, ಉದ್ಯೋಗ ಹಾಗೂ ರಾಜಕೀಯವಾಗಿ ನಾವು ಮುಂದೆ ಬರಬೇಕಾದರೆ ಸಂಘಟನೆ ಅತ್ಯಗತ್ಯ. ಸಮಾಜದ ಎಲ್ಲಾ ಬಂಧುಗಳು ಒಗ್ಗಟ್ಟಾಗಿ ಸಂಘಟಿತರಾಗಬೇಕು. ಸರ್ಕಾರದಿಂದ ಸಿಗುವ ಸೌಲಭ್ಯಗಳನ್ನು ಪಡೆದುಕೊಳ್ಳಲು ಸಂಘಟಿತ ಹೋರಾಟ ಅನಿವಾರ್ಯ ಎಂದರು. ಮುಂದಿನ ದಿನಗಳಲ್ಲಿ ರಾಜ್ಯ ಮಟ್ಟದ ಮಹಾಸಮ್ಮೇಳನವನ್ನು ಆಯೋಜಿಸಲು ಉದ್ದೇಶಿಸಲಾಗಿದೆ. ಈ ಸಭೆಯು ಆ ಮಹಾಸಮ್ಮೇಳನಕ್ಕೆ ಮುನ್ನುಡಿಯಾಗಲಿ ಎಂದು ಆಶಿಸಿದರು. ಸಂಘದ ಪ್ರಧಾನ ಕಾರ್ಯದರ್ಶಿ ಮಾತನಾಡಿ, ಸಮುದಾಯದ ಯುವಕರು ಶಿಕ್ಷಣಕ್ಕೆ ಆದ್ಯತೆ ನೀಡಬೇಕು, ಪ್ರತಿಭಾವಂತ ವಿದ್ಯಾರ್ಥಿಗಳನ್ನು ಪ್ರೋತ್ಸಾಹಿಸುವ ಕೆಲಸವನ್ನು ಸಂಘ ಮಾಡಲಿದೆ ಎಂದರು. ಸಭೆಯಲ್ಲಿ ಸಂಘದ ಪದಾಧಿಕಾರಿಗಳು, ಜಿಲ್ಲೆಯ ವಿವಿಧ ತಾಲ್ಲೂಕುಗಳ ಮುಖಂಡರು, ಮಹಿಳಾ ಘಟಕದ ಸದಸ್ಯರು ಹಾಗೂ ಸಮುದಾಯದ ಬಂಧುಗಳು ಭಾಗವಹಿಸಿದ್ದರು. ಕೈ ಜೋಡಿಸಿ ಎಂದು ಮನವಿ ಮಾಡಿದರು. ಸಂಘದ ರಾಜ್ಯ ಉಪಾಧ್ಯಕ್ಷ ಸುಜಾತಾ ಮಾತನಾಡಿ ಸಮಾಜದ ಅಭ್ಯುದಯಕ್ಕಾಗಿ ಎಲ್ಲರೂ ಶ್ರಮಿಸಬೇಕು ಎಂದರು.
